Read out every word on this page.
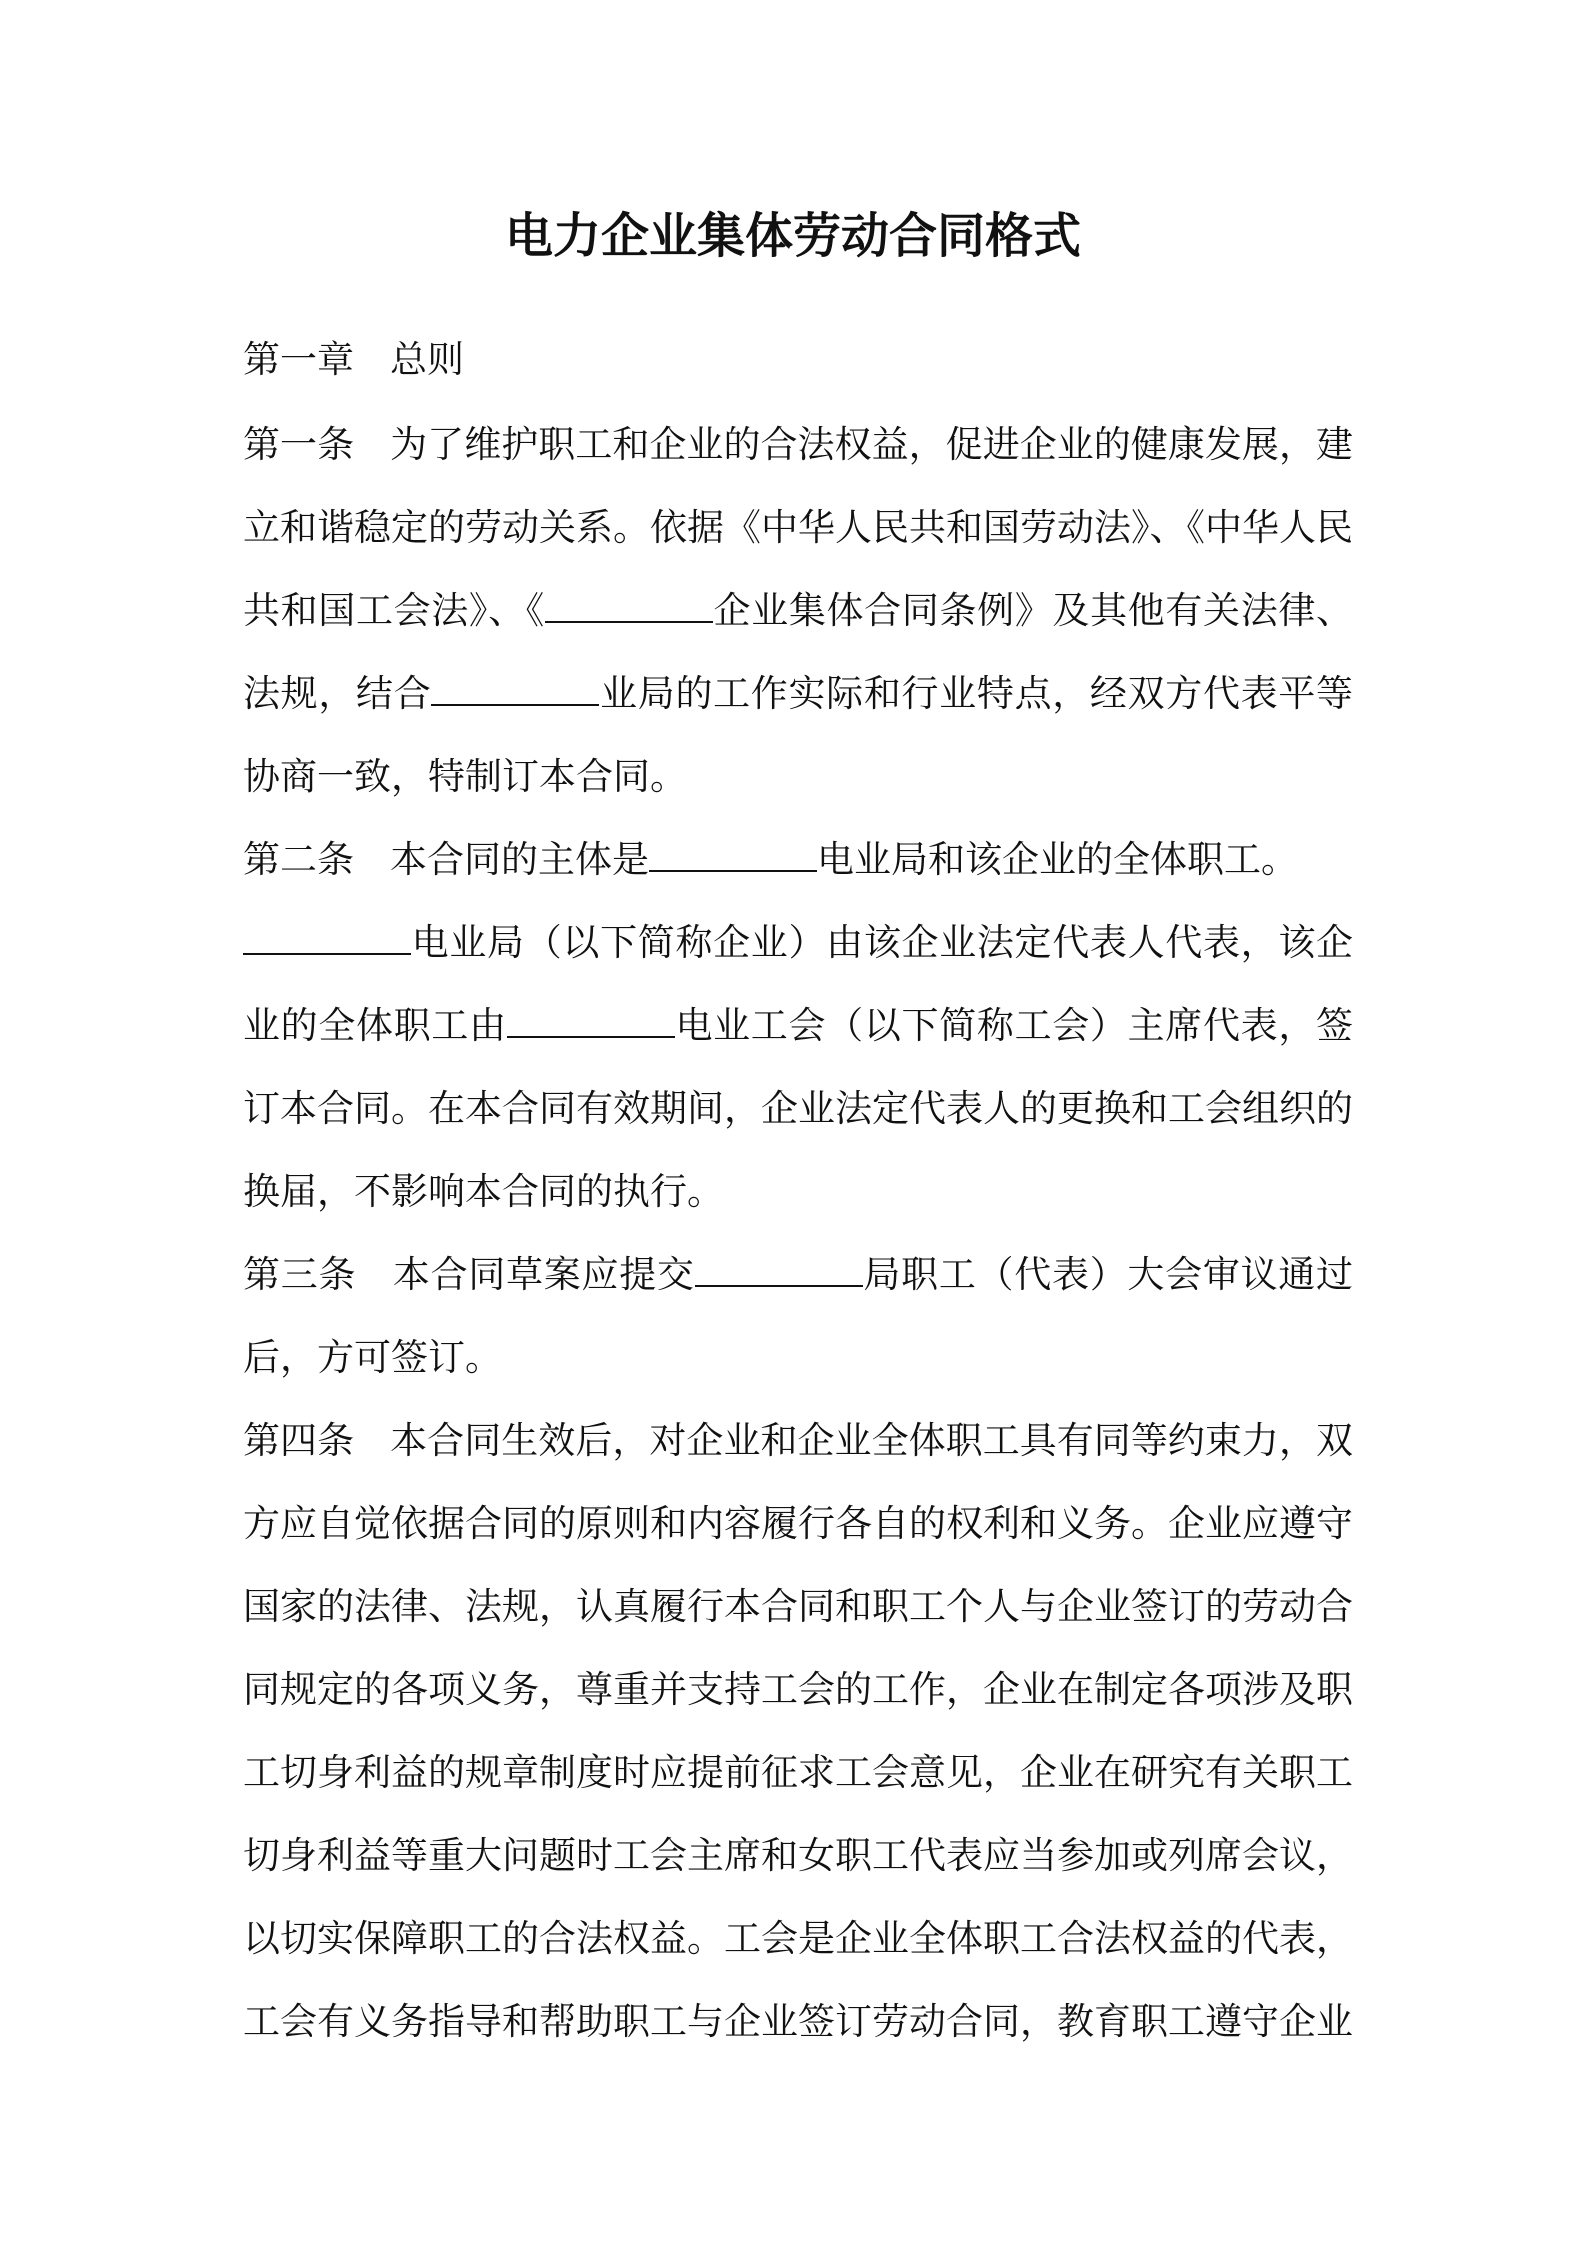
电力企业集体劳动合同格式
第一章 总则
第一条 为了维护职工和企业的合法权益，促进企业的健康发展，建
立和谐稳定的劳动关系。依据《中华人民共和国劳动法》、《中华人民
共和国工会法》、《	企业集体合同条例》及其他有关法律、
法规，结合	业局的工作实际和行业特点，经双方代表平等
协商一致，特制订本合同。
第二条 本合同的主体是	电业局和该企业的全体职工。
电业局（以下简称企业）由该企业法定代表人代表，该企
业的全体职工由	电业工会（以下简称工会）主席代表，签
订本合同。在本合同有效期间，企业法定代表人的更换和工会组织的
换届，不影响本合同的执行。
第三条 本合同草案应提交	局职工（代表）大会审议通过
后，方可签订。
第四条 本合同生效后，对企业和企业全体职工具有同等约束力，双
方应自觉依据合同的原则和内容履行各自的权利和义务。企业应遵守
国家的法律、法规，认真履行本合同和职工个人与企业签订的劳动合
同规定的各项义务，尊重并支持工会的工作，企业在制定各项涉及职
工切身利益的规章制度时应提前征求工会意见，企业在研究有关职工
切身利益等重大问题时工会主席和女职工代表应当参加或列席会议，
以切实保障职工的合法权益。工会是企业全体职工合法权益的代表，
工会有义务指导和帮助职工与企业签订劳动合同，教育职工遵守企业
